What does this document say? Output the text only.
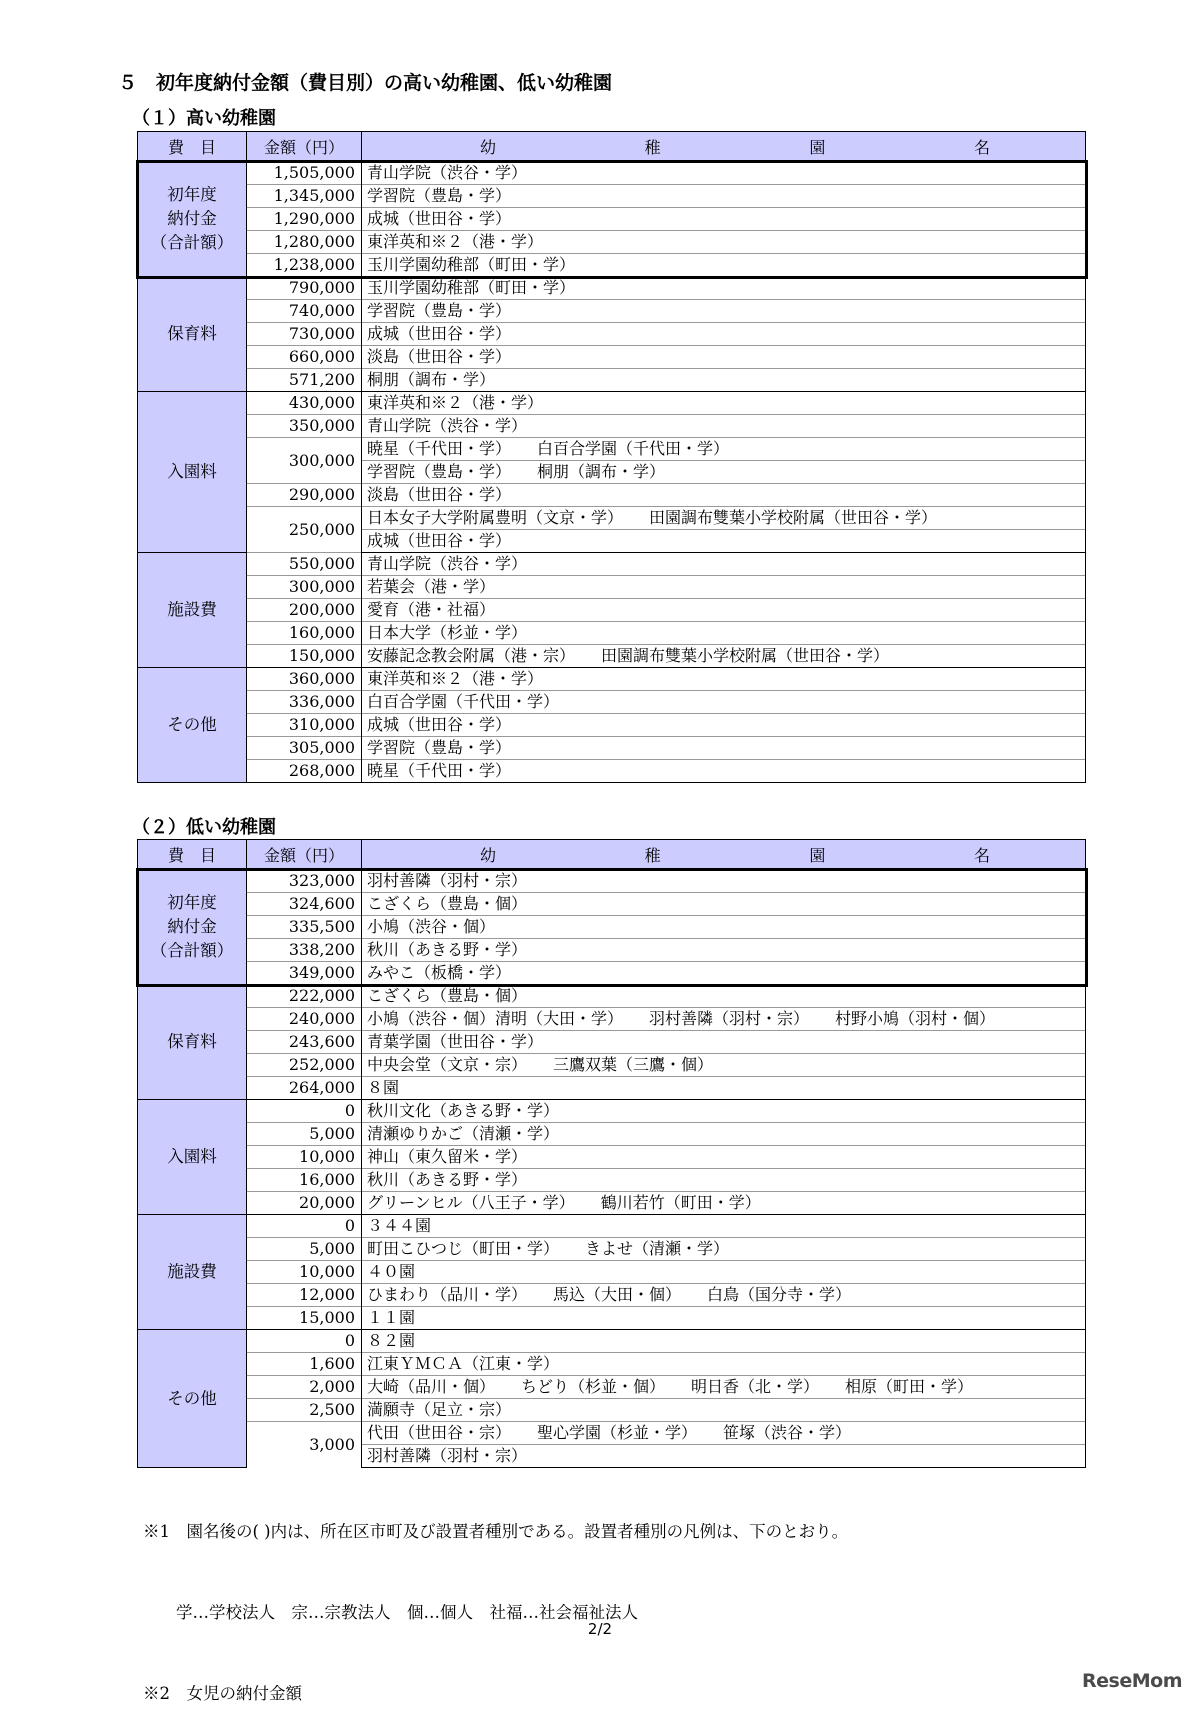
５　初年度納付金額（費目別）の高い幼稚園、低い幼稚園
（１）高い幼稚園
費　目	金額（円）	幼 稚 園 名

初年度
納付金
（合計額）	1,505,000	青山学院（渋谷・学）
	1,345,000	学習院（豊島・学）
	1,290,000	成城（世田谷・学）
	1,280,000	東洋英和※２（港・学）
	1,238,000	玉川学園幼稚部（町田・学）

保育料	790,000	玉川学園幼稚部（町田・学）
	740,000	学習院（豊島・学）
	730,000	成城（世田谷・学）
	660,000	淡島（世田谷・学）
	571,200	桐朋（調布・学）

入園料	430,000	東洋英和※２（港・学）
	350,000	青山学院（渋谷・学）
	300,000	暁星（千代田・学） 白百合学園（千代田・学）
		学習院（豊島・学） 桐朋（調布・学）
	290,000	淡島（世田谷・学）
	250,000	日本女子大学附属豊明（文京・学） 田園調布雙葉小学校附属（世田谷・学）
		成城（世田谷・学）

施設費	550,000	青山学院（渋谷・学）
	300,000	若葉会（港・学）
	200,000	愛育（港・社福）
	160,000	日本大学（杉並・学）
	150,000	安藤記念教会附属（港・宗） 田園調布雙葉小学校附属（世田谷・学）

その他	360,000	東洋英和※２（港・学）
	336,000	白百合学園（千代田・学）
	310,000	成城（世田谷・学）
	305,000	学習院（豊島・学）
	268,000	暁星（千代田・学）
（２）低い幼稚園
費　目	金額（円）	幼 稚 園 名

初年度
納付金
（合計額）	323,000	羽村善隣（羽村・宗）
	324,600	こざくら（豊島・個）
	335,500	小鳩（渋谷・個）
	338,200	秋川（あきる野・学）
	349,000	みやこ（板橋・学）

保育料	222,000	こざくら（豊島・個）
	240,000	小鳩（渋谷・個）清明（大田・学） 羽村善隣（羽村・宗） 村野小鳩（羽村・個）
	243,600	青葉学園（世田谷・学）
	252,000	中央会堂（文京・宗） 三鷹双葉（三鷹・個）
	264,000	８園

入園料	0	秋川文化（あきる野・学）
	5,000	清瀬ゆりかご（清瀬・学）
	10,000	神山（東久留米・学）
	16,000	秋川（あきる野・学）
	20,000	グリーンヒル（八王子・学） 鶴川若竹（町田・学）

施設費	0	３４４園
	5,000	町田こひつじ（町田・学） きよせ（清瀬・学）
	10,000	４０園
	12,000	ひまわり（品川・学） 馬込（大田・個） 白鳥（国分寺・学）
	15,000	１１園

その他	0	８２園
	1,600	江東ＹＭＣＡ（江東・学）
	2,000	大崎（品川・個） ちどり（杉並・個） 明日香（北・学） 相原（町田・学）
	2,500	満願寺（足立・宗）
	3,000	代田（世田谷・宗） 聖心学園（杉並・学） 笹塚（渋谷・学）
		羽村善隣（羽村・宗）

※1　園名後の( )内は、所在区市町及び設置者種別である。設置者種別の凡例は、下のとおり。

　　学…学校法人　宗…宗教法人　個…個人　社福…社会福祉法人

※2　女児の納付金額

2/2
ReseMom
